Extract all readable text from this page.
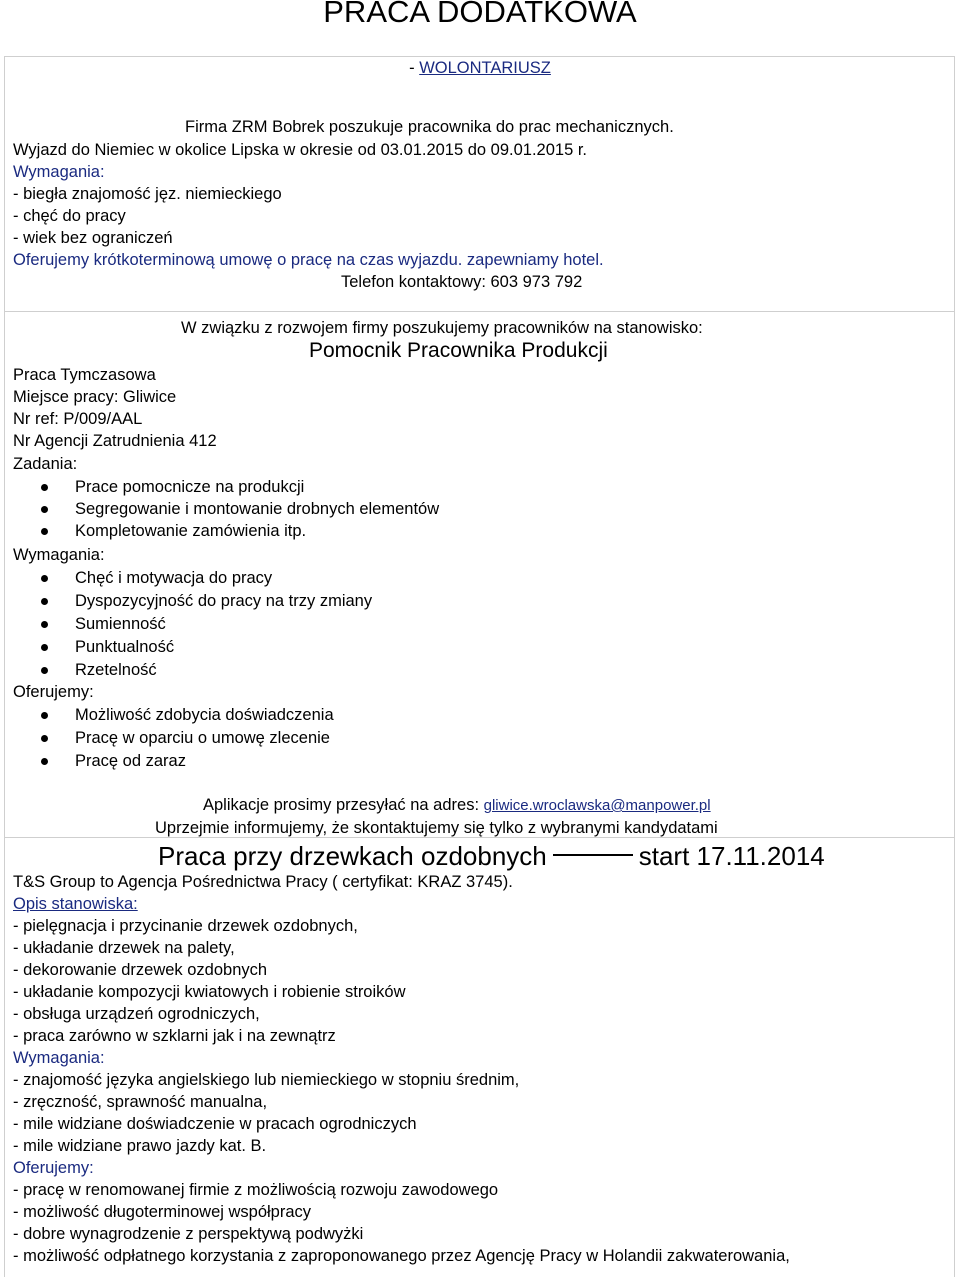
PRACA DODATKOWA
- WOLONTARIUSZ
Firma ZRM Bobrek poszukuje pracownika do prac mechanicznych.
Wyjazd do Niemiec w okolice Lipska w okresie od 03.01.2015 do 09.01.2015 r.
Wymagania:
- biegła znajomość jęz. niemieckiego
- chęć do pracy
- wiek bez ograniczeń
Oferujemy krótkoterminową umowę o pracę na czas wyjazdu. zapewniamy hotel.
Telefon kontaktowy: 603 973 792
W związku z rozwojem firmy poszukujemy pracowników na stanowisko:
Pomocnik Pracownika Produkcji
Praca Tymczasowa
Miejsce pracy: Gliwice
Nr ref: P/009/AAL
Nr Agencji Zatrudnienia 412
Zadania:
Prace pomocnicze na produkcji
Segregowanie i montowanie drobnych elementów
Kompletowanie zamówienia itp.
Wymagania:
Chęć i motywacja do pracy
Dyspozycyjność do pracy na trzy zmiany
Sumienność
Punktualność
Rzetelność
Oferujemy:
Możliwość zdobycia doświadczenia
Pracę w oparciu o umowę zlecenie
Pracę od zaraz
Aplikacje prosimy przesyłać na adres: gliwice.wroclawska@manpower.pl
Uprzejmie informujemy, że skontaktujemy się tylko z wybranymi kandydatami
Praca przy drzewkach ozdobnych	start 17.11.2014
T&S Group to Agencja Pośrednictwa Pracy ( certyfikat: KRAZ 3745).
Opis stanowiska:
- pielęgnacja i przycinanie drzewek ozdobnych,
- układanie drzewek na palety,
- dekorowanie drzewek ozdobnych
- układanie kompozycji kwiatowych i robienie stroików
- obsługa urządzeń ogrodniczych,
- praca zarówno w szklarni jak i na zewnątrz
Wymagania:
- znajomość języka angielskiego lub niemieckiego w stopniu średnim,
- zręczność, sprawność manualna,
- mile widziane doświadczenie w pracach ogrodniczych
- mile widziane prawo jazdy kat. B.
Oferujemy:
- pracę w renomowanej firmie z możliwością rozwoju zawodowego
- możliwość długoterminowej współpracy
- dobre wynagrodzenie z perspektywą podwyżki
- możliwość odpłatnego korzystania z zaproponowanego przez Agencję Pracy w Holandii zakwaterowania,
